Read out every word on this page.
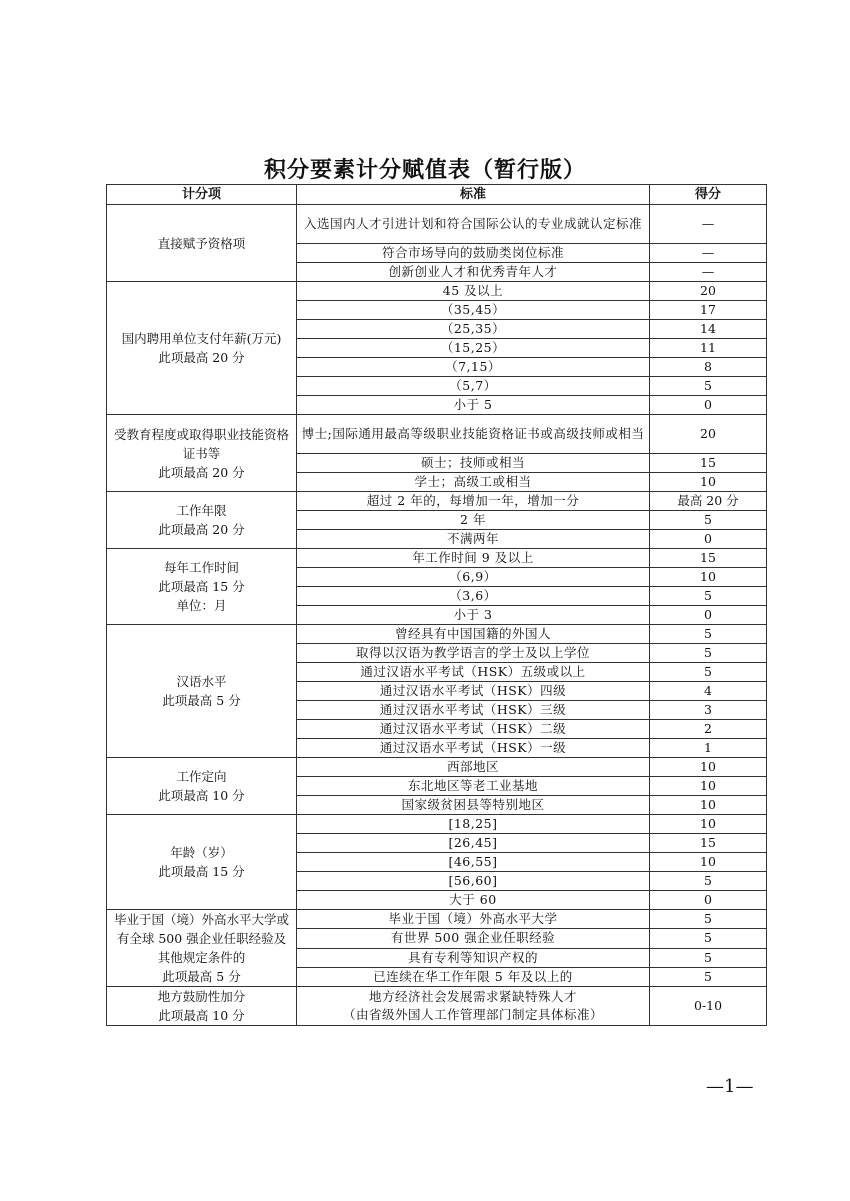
积分要素计分赋值表（暂行版）
计分项	标准	得分
直接赋予资格项	入选国内人才引进计划和符合国际公认的专业成就认定标准	—
	符合市场导向的鼓励类岗位标准	—
	创新创业人才和优秀青年人才	—
国内聘用单位支付年薪(万元)
此项最高 20 分	45 及以上	20
	（35,45）	17
	（25,35）	14
	（15,25）	11
	（7,15）	8
	（5,7）	5
	小于 5	0
受教育程度或取得职业技能资格证书等
此项最高 20 分	博士;国际通用最高等级职业技能资格证书或高级技师或相当	20
	硕士；技师或相当	15
	学士；高级工或相当	10
工作年限
此项最高 20 分	超过 2 年的，每增加一年，增加一分	最高 20 分
	2 年	5
	不满两年	0
每年工作时间
此项最高 15 分
单位：月	年工作时间 9 及以上	15
	（6,9）	10
	（3,6）	5
	小于 3	0
汉语水平
此项最高 5 分	曾经具有中国国籍的外国人	5
	取得以汉语为教学语言的学士及以上学位	5
	通过汉语水平考试（HSK）五级或以上	5
	通过汉语水平考试（HSK）四级	4
	通过汉语水平考试（HSK）三级	3
	通过汉语水平考试（HSK）二级	2
	通过汉语水平考试（HSK）一级	1
工作定向
此项最高 10 分	西部地区	10
	东北地区等老工业基地	10
	国家级贫困县等特别地区	10
年龄（岁）
此项最高 15 分	[18,25]	10
	[26,45]	15
	[46,55]	10
	[56,60]	5
	大于 60	0
毕业于国（境）外高水平大学或有全球 500 强企业任职经验及其他规定条件的
此项最高 5 分	毕业于国（境）外高水平大学	5
	有世界 500 强企业任职经验	5
	具有专利等知识产权的	5
	已连续在华工作年限 5 年及以上的	5
地方鼓励性加分
此项最高 10 分	地方经济社会发展需求紧缺特殊人才
（由省级外国人工作管理部门制定具体标准）	0-10
—1—
